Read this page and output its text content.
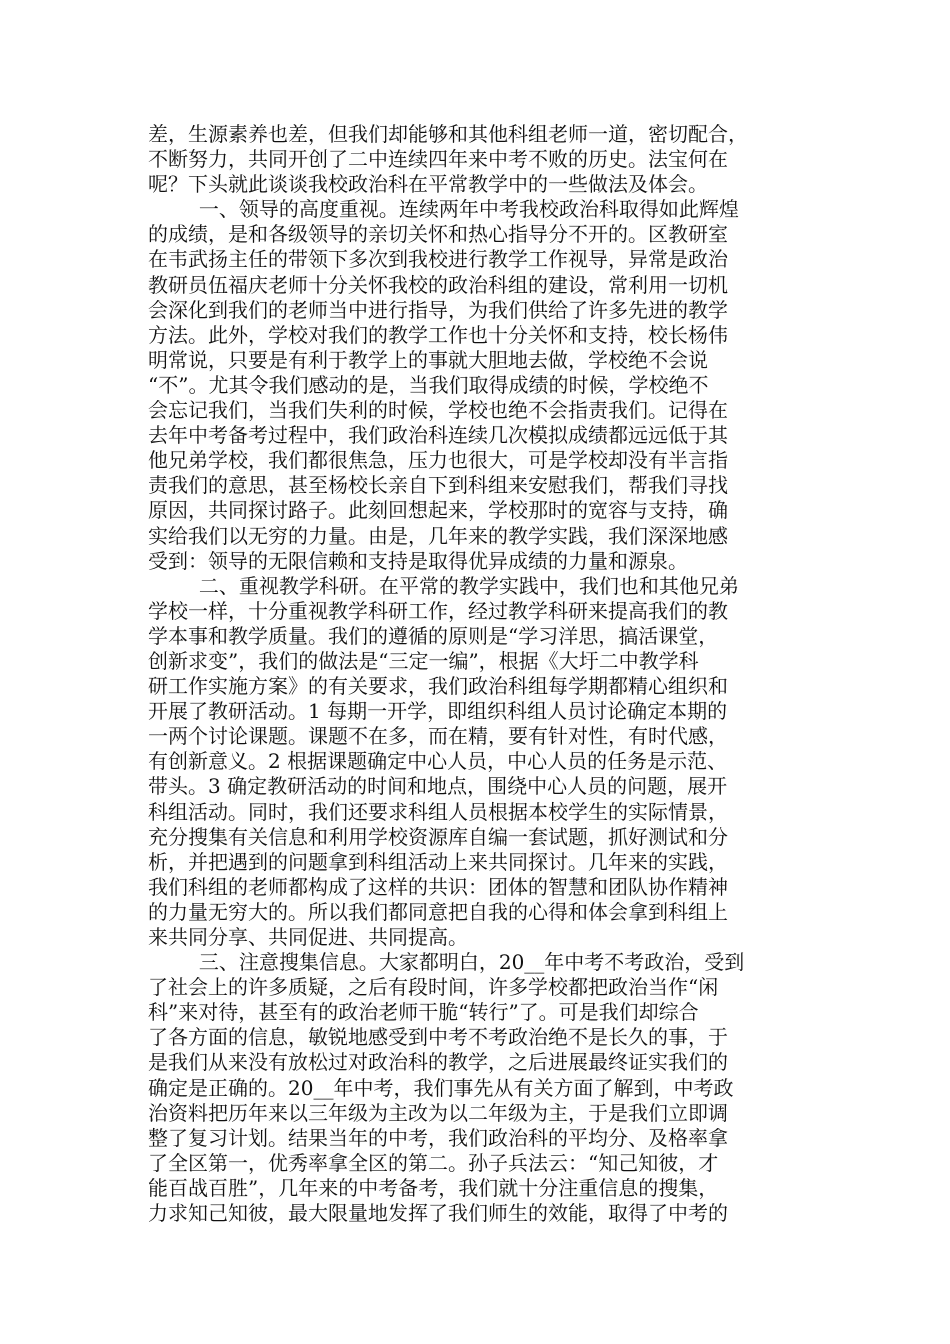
差，生源素养也差，但我们却能够和其他科组老师一道，密切配合，
不断努力，共同开创了二中连续四年来中考不败的历史。法宝何在
呢？下头就此谈谈我校政治科在平常教学中的一些做法及体会。
一、领导的高度重视。连续两年中考我校政治科取得如此辉煌
的成绩，是和各级领导的亲切关怀和热心指导分不开的。区教研室
在韦武扬主任的带领下多次到我校进行教学工作视导，异常是政治
教研员伍福庆老师十分关怀我校的政治科组的建设，常利用一切机
会深化到我们的老师当中进行指导，为我们供给了许多先进的教学
方法。此外，学校对我们的教学工作也十分关怀和支持，校长杨伟
明常说，只要是有利于教学上的事就大胆地去做，学校绝不会说
“不”。尤其令我们感动的是，当我们取得成绩的时候，学校绝不
会忘记我们，当我们失利的时候，学校也绝不会指责我们。记得在
去年中考备考过程中，我们政治科连续几次模拟成绩都远远低于其
他兄弟学校，我们都很焦急，压力也很大，可是学校却没有半言指
责我们的意思，甚至杨校长亲自下到科组来安慰我们，帮我们寻找
原因，共同探讨路子。此刻回想起来，学校那时的宽容与支持，确
实给我们以无穷的力量。由是，几年来的教学实践，我们深深地感
受到：领导的无限信赖和支持是取得优异成绩的力量和源泉。
二、重视教学科研。在平常的教学实践中，我们也和其他兄弟
学校一样，十分重视教学科研工作，经过教学科研来提高我们的教
学本事和教学质量。我们的遵循的原则是“学习洋思，搞活课堂，
创新求变”，我们的做法是“三定一编”，根据《大圩二中教学科
研工作实施方案》的有关要求，我们政治科组每学期都精心组织和
开展了教研活动。1 每期一开学，即组织科组人员讨论确定本期的
一两个讨论课题。课题不在多，而在精，要有针对性，有时代感，
有创新意义。2 根据课题确定中心人员，中心人员的任务是示范、
带头。3 确定教研活动的时间和地点，围绕中心人员的问题，展开
科组活动。同时，我们还要求科组人员根据本校学生的实际情景，
充分搜集有关信息和利用学校资源库自编一套试题，抓好测试和分
析，并把遇到的问题拿到科组活动上来共同探讨。几年来的实践，
我们科组的老师都构成了这样的共识：团体的智慧和团队协作精神
的力量无穷大的。所以我们都同意把自我的心得和体会拿到科组上
来共同分享、共同促进、共同提高。
三、注意搜集信息。大家都明白，20__年中考不考政治，受到
了社会上的许多质疑，之后有段时间，许多学校都把政治当作“闲
科”来对待，甚至有的政治老师干脆“转行”了。可是我们却综合
了各方面的信息，敏锐地感受到中考不考政治绝不是长久的事，于
是我们从来没有放松过对政治科的教学，之后进展最终证实我们的
确定是正确的。20__年中考，我们事先从有关方面了解到，中考政
治资料把历年来以三年级为主改为以二年级为主，于是我们立即调
整了复习计划。结果当年的中考，我们政治科的平均分、及格率拿
了全区第一，优秀率拿全区的第二。孙子兵法云：“知己知彼，才
能百战百胜”，几年来的中考备考，我们就十分注重信息的搜集，
力求知己知彼，最大限量地发挥了我们师生的效能，取得了中考的
